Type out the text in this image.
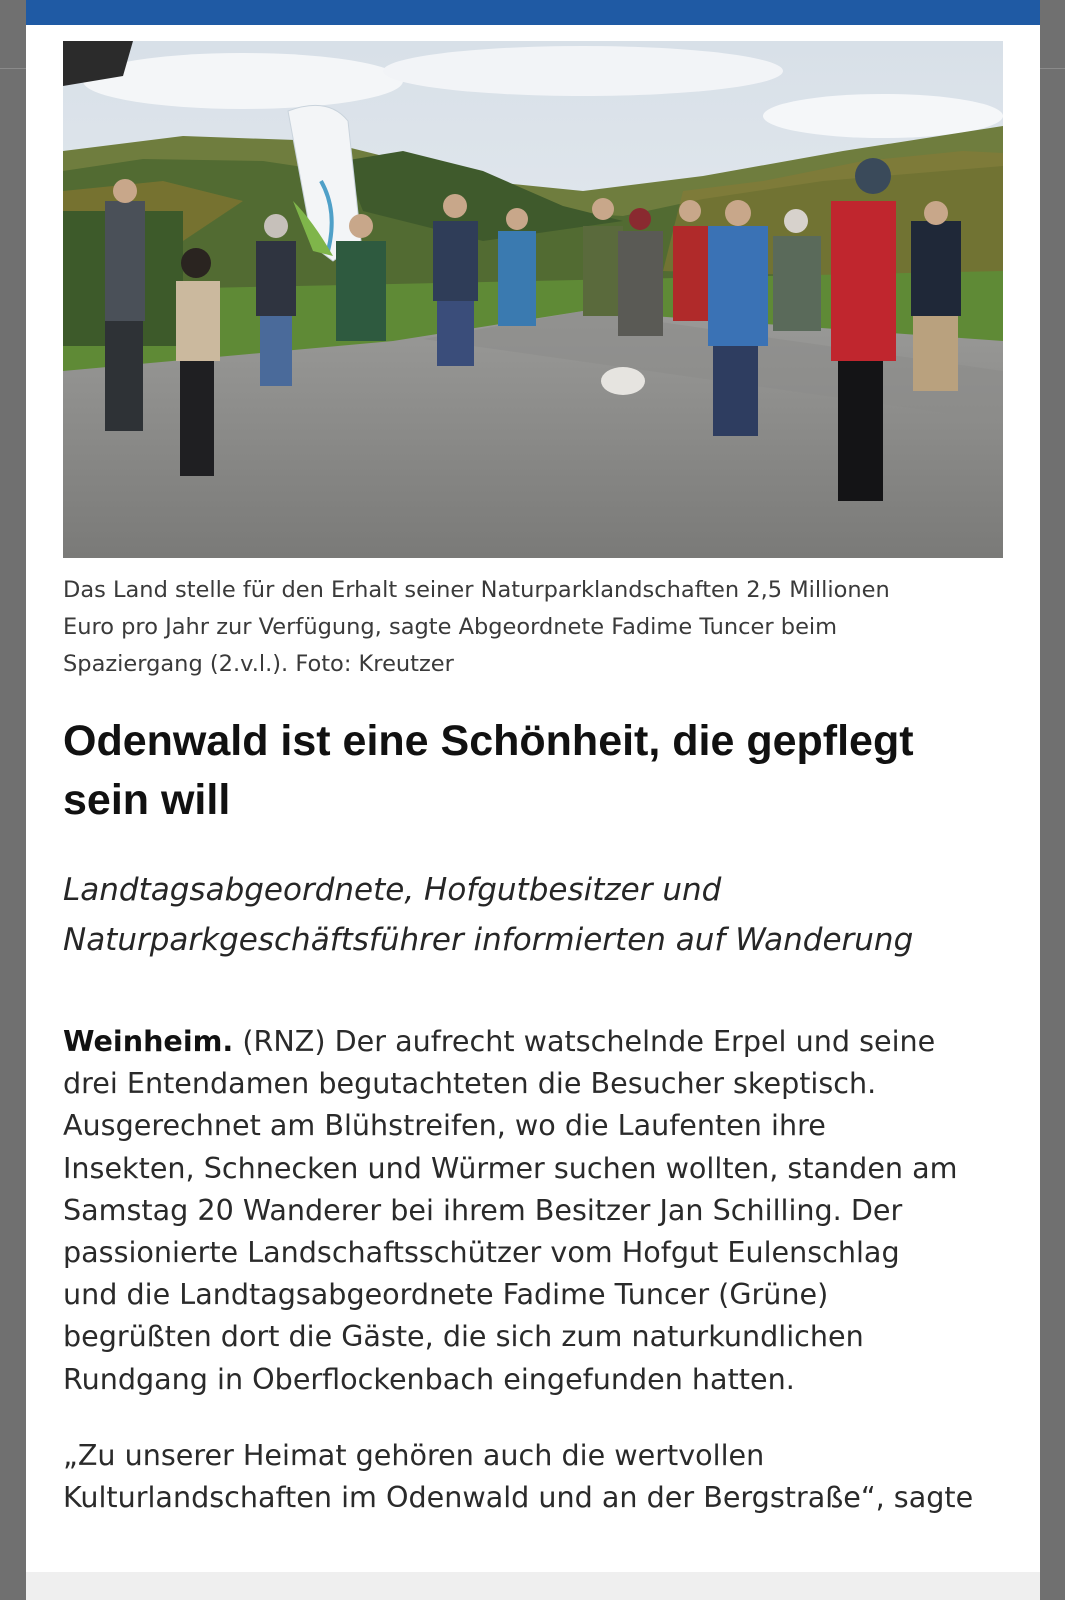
Das Land stelle für den Erhalt seiner Naturparklandschaften 2,5 Millionen
Euro pro Jahr zur Verfügung, sagte Abgeordnete Fadime Tuncer beim
Spaziergang (2.v.l.). Foto: Kreutzer
Odenwald ist eine Schönheit, die gepflegt
sein will
Landtagsabgeordnete, Hofgutbesitzer und
Naturparkgeschäftsführer informierten auf Wanderung
Weinheim. (RNZ) Der aufrecht watschelnde Erpel und seine
drei Entendamen begutachteten die Besucher skeptisch.
Ausgerechnet am Blühstreifen, wo die Laufenten ihre
Insekten, Schnecken und Würmer suchen wollten, standen am
Samstag 20 Wanderer bei ihrem Besitzer Jan Schilling. Der
passionierte Landschaftsschützer vom Hofgut Eulenschlag
und die Landtagsabgeordnete Fadime Tuncer (Grüne)
begrüßten dort die Gäste, die sich zum naturkundlichen
Rundgang in Oberflockenbach eingefunden hatten.
„Zu unserer Heimat gehören auch die wertvollen
Kulturlandschaften im Odenwald und an der Bergstraße“, sagte
